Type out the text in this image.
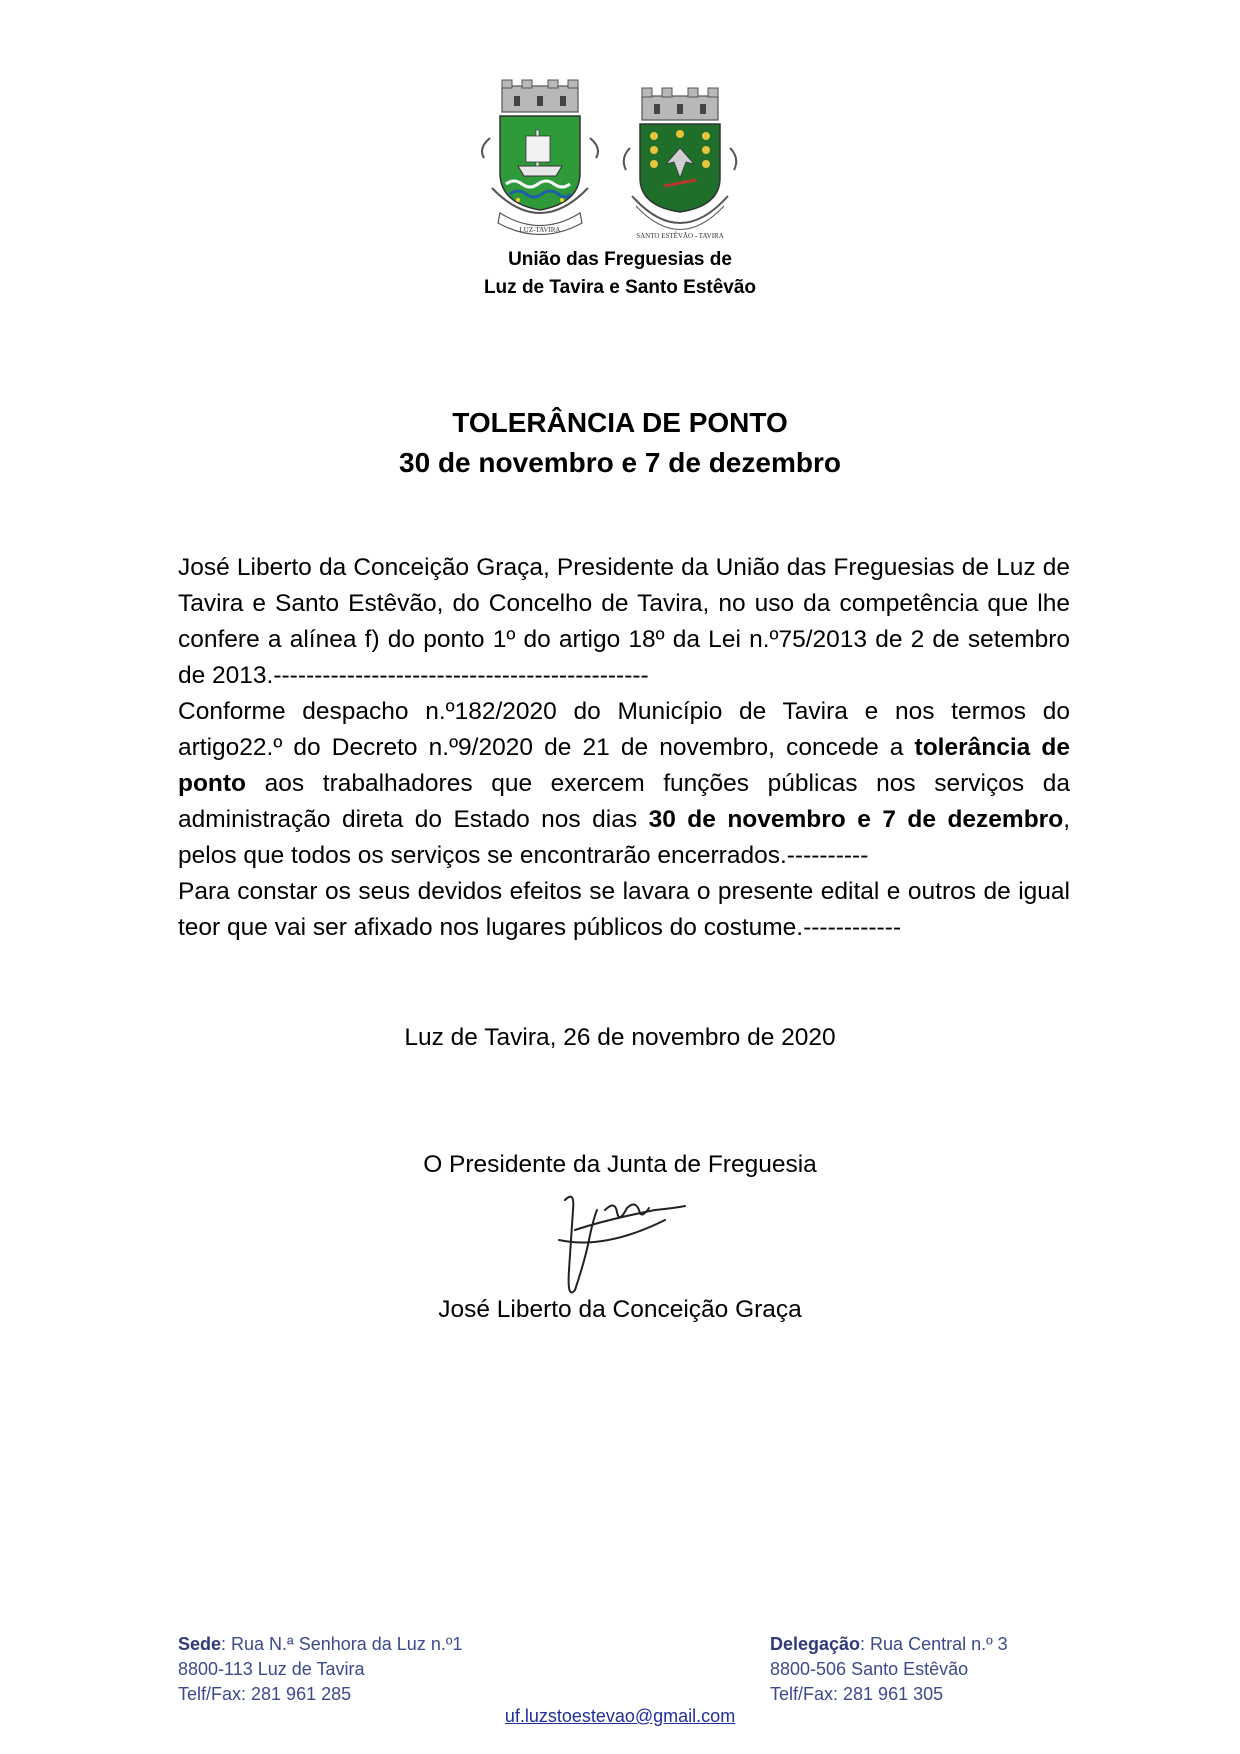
LUZ-TAVIRA
SANTO ESTÊVÃO - TAVIRA
União das Freguesias de
Luz de Tavira e Santo Estêvão
TOLERÂNCIA DE PONTO
30 de novembro e 7 de dezembro

José Liberto da Conceição Graça, Presidente da União das Freguesias de Luz de Tavira e Santo Estêvão, do Concelho de Tavira, no uso da competência que lhe confere a alínea f) do ponto 1º do artigo 18º da Lei n.º75/2013 de 2 de setembro de 2013.----------------------------------------------

Conforme despacho n.º182/2020 do Município de Tavira e nos termos do artigo22.º do Decreto n.º9/2020 de 21 de novembro, concede a tolerância de ponto aos trabalhadores que exercem funções públicas nos serviços da administração direta do Estado nos dias 30 de novembro e 7 de dezembro, pelos que todos os serviços se encontrarão encerrados.----------

Para constar os seus devidos efeitos se lavara o presente edital e outros de igual teor que vai ser afixado nos lugares públicos do costume.------------

Luz de Tavira, 26 de novembro de 2020
O Presidente da Junta de Freguesia
José Liberto da Conceição Graça
Sede: Rua N.ª Senhora da Luz n.º1
8800-113 Luz de Tavira
Telf/Fax: 281 961 285
Delegação: Rua Central n.º 3
8800-506 Santo Estêvão
Telf/Fax: 281 961 305
uf.luzstoestevao@gmail.com
